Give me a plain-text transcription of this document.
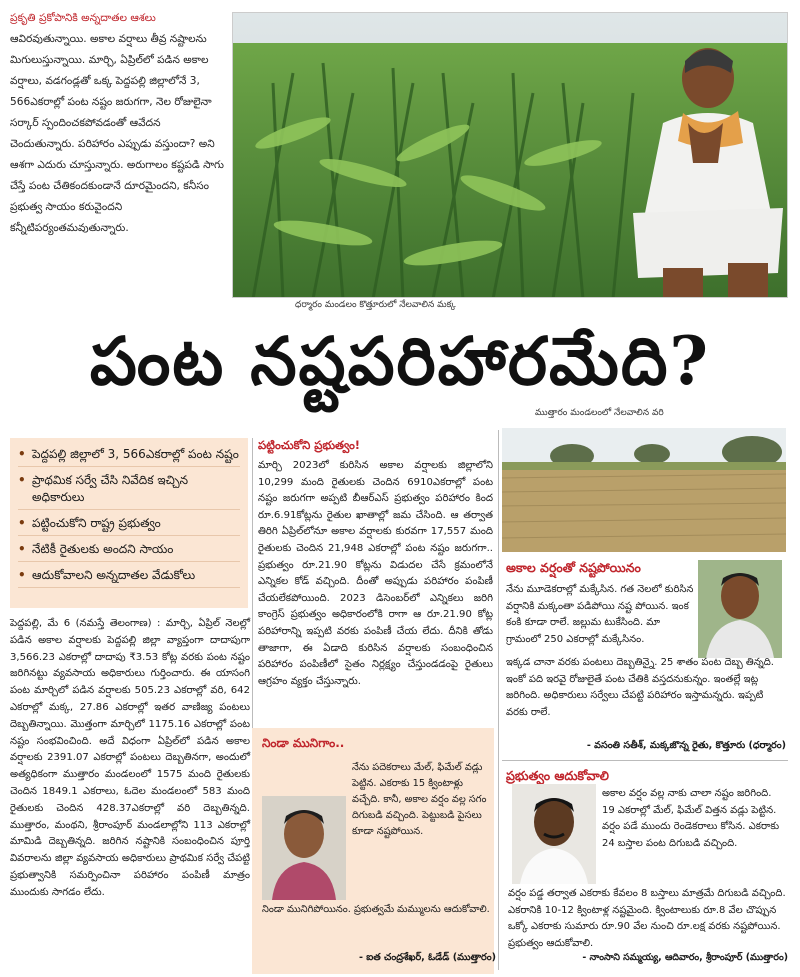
ప్రకృతి ప్రకోపానికి అన్నదాతల ఆశలు ఆవిరవుతున్నాయి. అకాల వర్షాలు తీవ్ర నష్టాలను మిగులుస్తున్నాయి. మార్చి, ఏప్రిల్‌లో పడిన అకాల వర్షాలు, వడగండ్లతో ఒక్క పెద్దపల్లి జిల్లాలోనే 3, 566ఎకరాల్లో పంట నష్టం జరుగగా, నెల రోజులైనా సర్కార్ స్పందించకపోవడంతో ఆవేదన చెందుతున్నారు. పరిహారం ఎప్పుడు వస్తుందా? అని ఆశగా ఎదురు చూస్తున్నారు. అరుగాలం కష్టపడి సాగు చేస్తే పంట చేతికందకుండానే దూరమైందని, కనీసం ప్రభుత్వ సాయం కరువైందని కన్నీటిపర్యంతమవుతున్నారు.
ధర్మారం మండలం కొత్తూరులో నేలవాలిన మక్క
పంట నష్టపరిహారమేది?
ముత్తారం మండలంలో నేలవాలిన వరి
• పెద్దపల్లి జిల్లాలో 3, 566ఎకరాల్లో పంట నష్టం
• ప్రాథమిక సర్వే చేసి నివేదిక ఇచ్చిన అధికారులు
• పట్టించుకోని రాష్ట్ర ప్రభుత్వం
• నేటికీ రైతులకు అందని సాయం
• ఆదుకోవాలని అన్నదాతల వేడుకోలు
పెద్దపల్లి, మే 6 (నమస్తే తెలంగాణ) : మార్చి, ఏప్రిల్ నెలల్లో పడిన అకాల వర్షాలకు పెద్దపల్లి జిల్లా వ్యాప్తంగా దాదాపుగా 3,566.23 ఎకరాల్లో దాదాపు ₹3.53 కోట్ల వరకు పంట నష్టం జరిగినట్టు వ్యవసాయ అధికారులు గుర్తించారు. ఈ యాసంగి పంట మార్చిలో పడిన వర్షాలకు 505.23 ఎకరాల్లో వరి, 642 ఎకరాల్లో మక్క, 27.86 ఎకరాల్లో ఇతర వాణిజ్య పంటలు దెబ్బతిన్నాయి. మొత్తంగా మార్చిలో 1175.16 ఎకరాల్లో పంట నష్టం సంభవించింది. అదే విధంగా ఏప్రిల్‌లో పడిన అకాల వర్షాలకు 2391.07 ఎకరాల్లో పంటలు దెబ్బతినగా, అందులో అత్యధికంగా ముత్తారం మండలంలో 1575 మంది రైతులకు చెందిన 1849.1 ఎకరాలు, ఓదెల మండలంలో 583 మంది రైతులకు చెందిన 428.37ఎకరాల్లో వరి దెబ్బతిన్నది. ముత్తారం, మంథని, శ్రీరాంపూర్ మండలాల్లోని 113 ఎకరాల్లో మామిడి దెబ్బతిన్నది. జరిగిన నష్టానికి సంబంధించిన పూర్తి వివరాలను జిల్లా వ్యవసాయ అధికారులు ప్రాథమిక సర్వే చేపట్టి ప్రభుత్వానికి సమర్పించినా పరిహారం పంపిణీ మాత్రం ముందుకు సాగడం లేదు.
పట్టించుకోని ప్రభుత్వం!
మార్చి 2023లో కురిసిన అకాల వర్షాలకు జిల్లాలోని 10,299 మంది రైతులకు చెందిన 6910ఎకరాల్లో పంట నష్టం జరుగగా అప్పటి బీఆర్‌ఎస్ ప్రభుత్వం పరిహారం కింద రూ.6.91కోట్లను రైతుల ఖాతాల్లో జమ చేసింది. ఆ తర్వాత తిరిగి ఏప్రిల్‌లోనూ అకాల వర్షాలకు కురవగా 17,557 మంది రైతులకు చెందిన 21,948 ఎకరాల్లో పంట నష్టం జరుగగా.. ప్రభుత్వం రూ.21.90 కోట్లను విడుదల చేసే క్రమంలోనే ఎన్నికల కోడ్ వచ్చింది. దీంతో అప్పుడు పరిహారం పంపిణీ చేయలేకపోయింది. 2023 డిసెంబర్‌లో ఎన్నికలు జరిగి కాంగ్రెస్ ప్రభుత్వం అధికారంలోకి రాగా ఆ రూ.21.90 కోట్ల పరిహారాన్ని ఇప్పటి వరకు పంపిణీ చేయ లేదు. దీనికి తోడు తాజాగా, ఈ ఏడాది కురిసిన వర్షాలకు సంబంధించిన పరిహారం పంపిణీలో సైతం నిర్లక్ష్యం చేస్తుండడంపై రైతులు ఆగ్రహం వ్యక్తం చేస్తున్నారు.
నిండా మునిగాం..
నేను పదెకరాలు మేల్, ఫిమేల్ వడ్లు పెట్టిన. ఎకరాకు 15 క్వింటాళ్లు వచ్చేది. కానీ, అకాల వర్షం వల్ల సగం దిగుబడి వచ్చింది. పెట్టుబడి పైసలు కూడా నష్టపోయిన.
నిండా మునిగిపోయినం. ప్రభుత్వమే మమ్ములను ఆదుకోవాలి.
- ఐత చంద్రశేఖర్, ఓడేడ్ (ముత్తారం)
అకాల వర్షంతో నష్టపోయినం
నేను మూడెకరాల్లో మక్కేసిన. గత నెలలో కురిసిన వర్షానికి మక్కంతా పడిపోయి నష్ట పోయిన. ఇంక కంకి కూడా రాలే. జల్లుమ టుకేసింది. మా గ్రామంలో 250 ఎకరాల్లో మక్కేసినం.
ఇక్కడ చానా వరకు పంటలు దెబ్బతిన్నై. 25 శాతం పంట దెబ్బ తిన్నది. ఇంకో పది ఇరవై రోజులైతే పంట చేతికి వస్తదనుకున్నం. ఇంతల్లే ఇట్ల జరిగింది. అధికారులు సర్వేలు చేపట్టి పరిహారం ఇస్తామన్నరు. ఇప్పటి వరకు రాలే.
- వసంతి సతీశ్, మక్కజొన్న రైతు, కొత్తూరు (ధర్మారం)
ప్రభుత్వం ఆదుకోవాలి
అకాల వర్షం వల్ల నాకు చాలా నష్టం జరిగింది. 19 ఎకరాల్లో మేల్, ఫిమేల్ విత్తన వడ్లు పెట్టిన. వర్షం పడే ముందు రెండెకరాలు కోసిన. ఎకరాకు 24 బస్తాల పంట దిగుబడి వచ్చింది.
వర్షం పడ్డ తర్వాత ఎకరాకు కేవలం 8 బస్తాలు మాత్రమే దిగుబడి వచ్చింది. ఎకరానికి 10-12 క్వింటాళ్ల నష్టమైంది. క్వింటాలుకు రూ.8 వేల చొప్పున ఒక్కో ఎకరాకు సుమారు రూ.90 వేల నుంచి రూ.లక్ష వరకు నష్టపోయిన. ప్రభుత్వం ఆదుకోవాలి.
- నాంసాని సమ్మయ్య, ఆదివారం, శ్రీరాంపూర్ (ముత్తారం)
